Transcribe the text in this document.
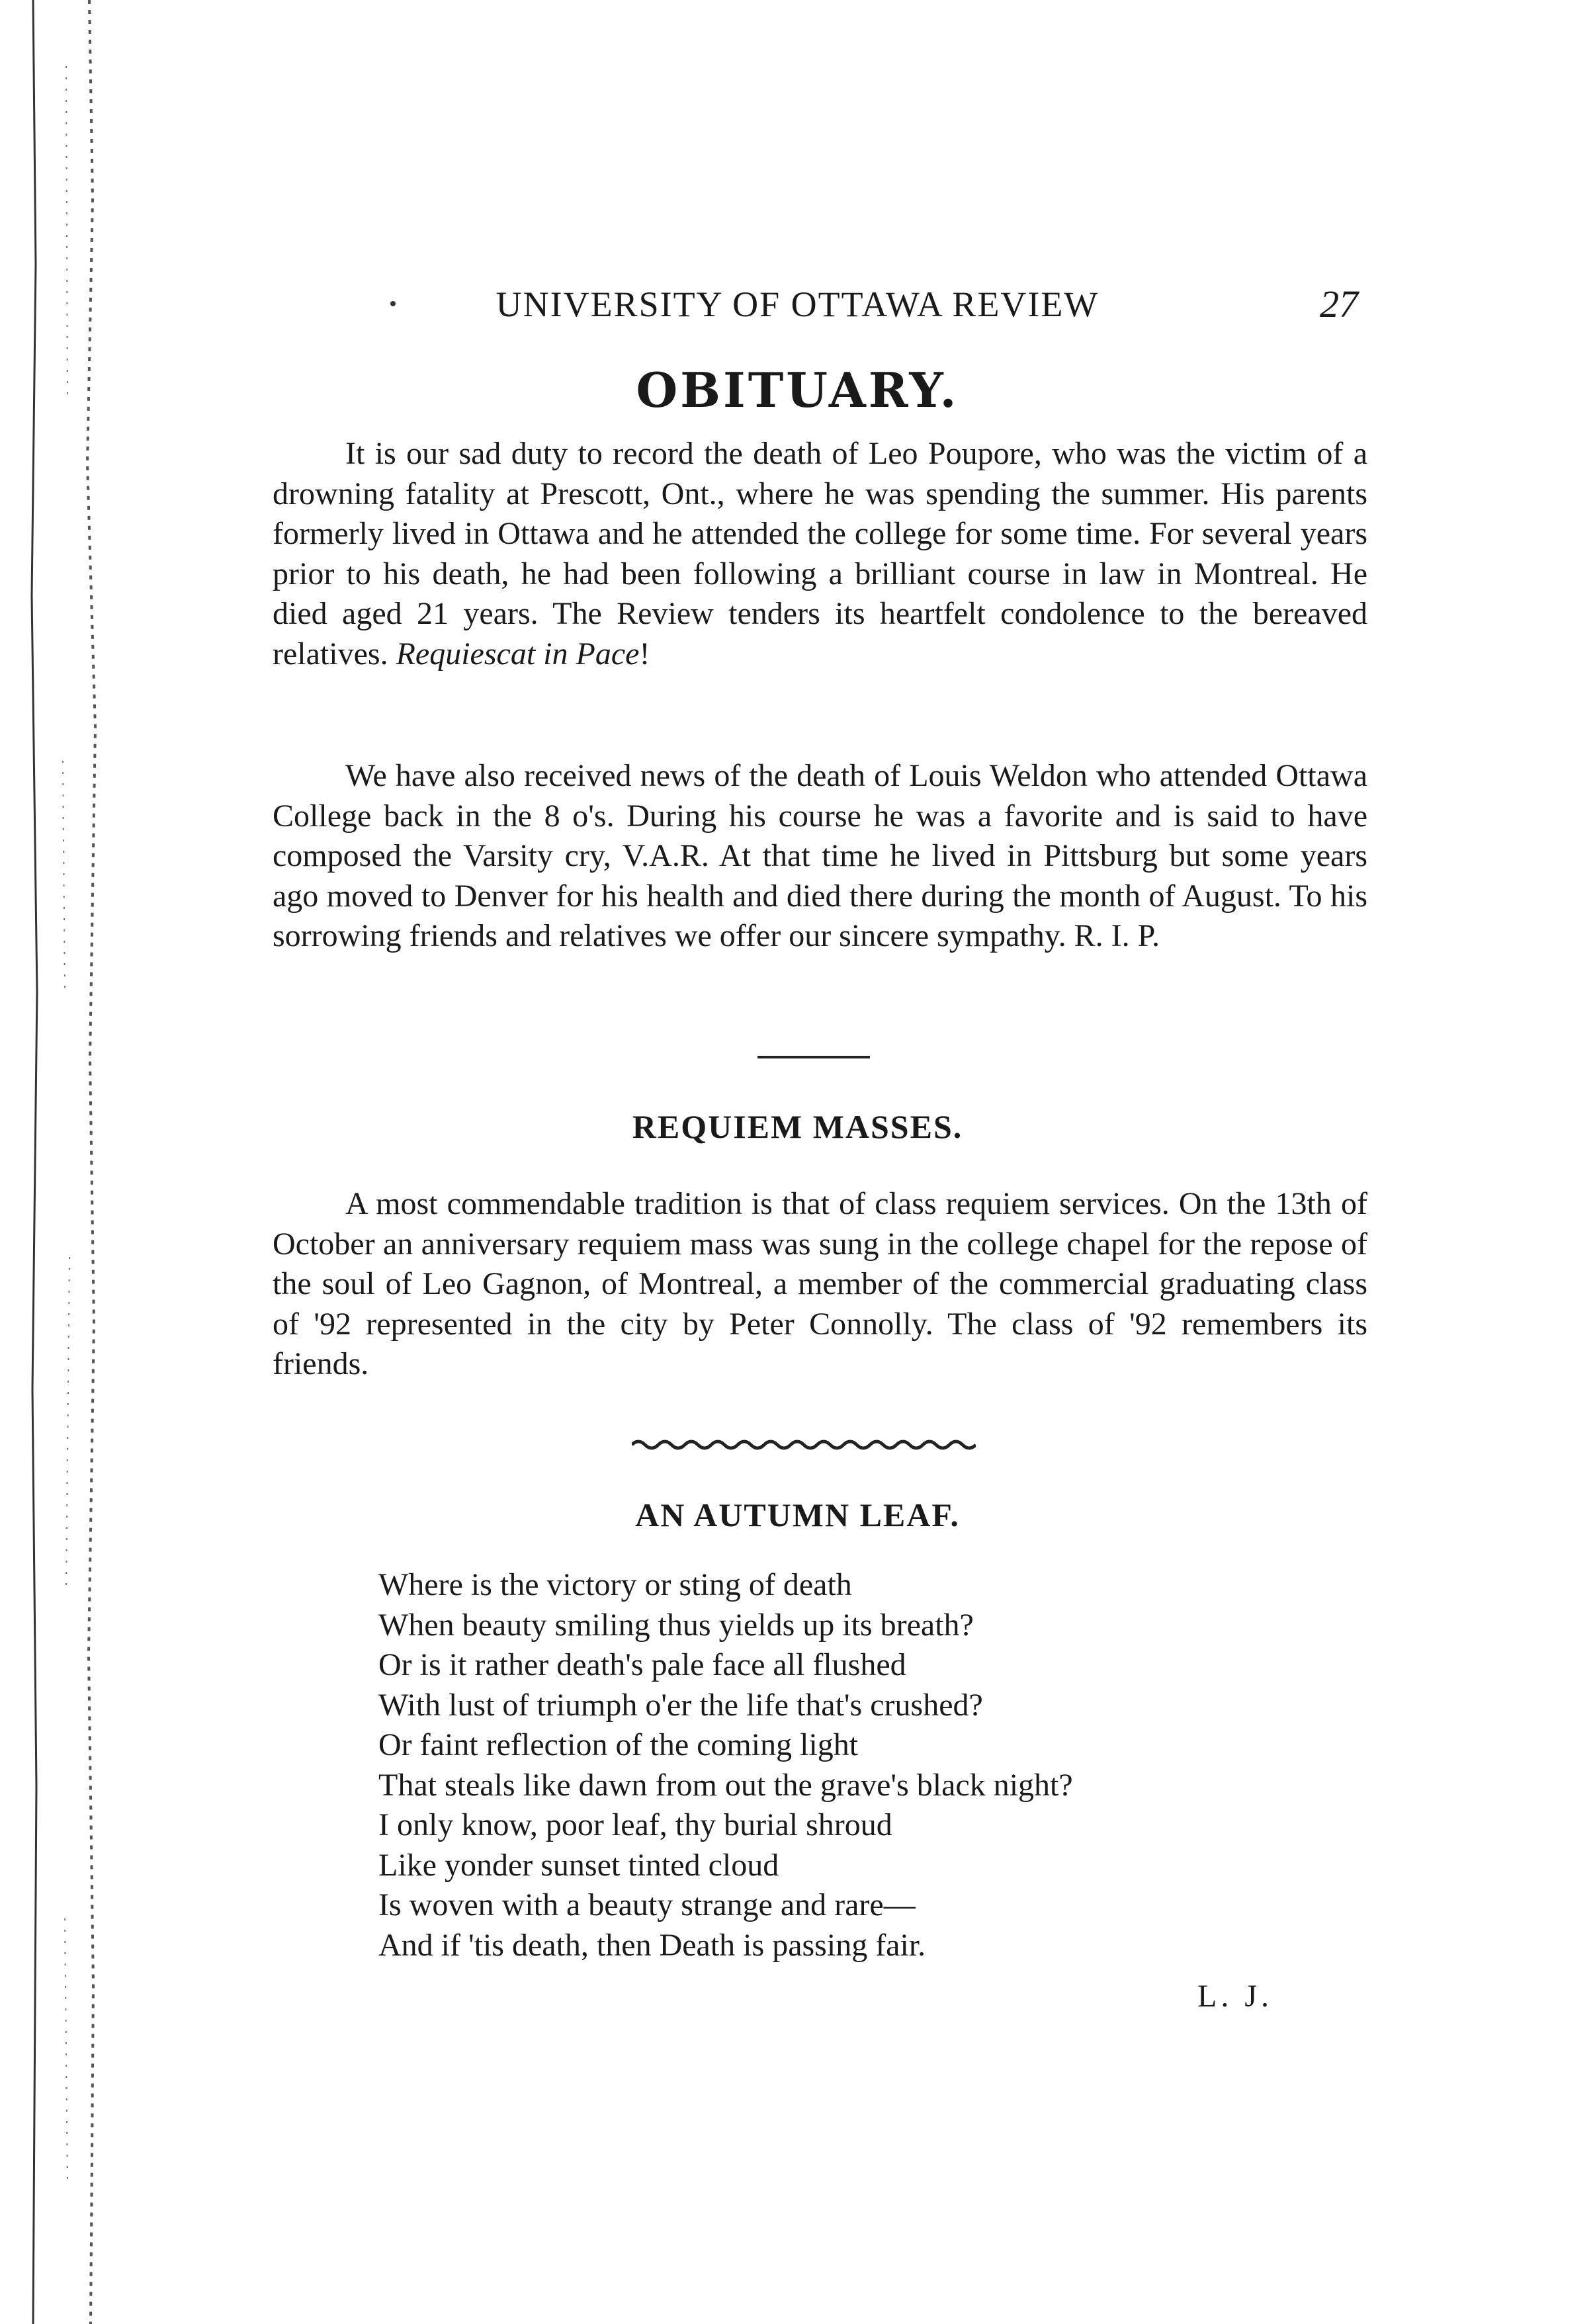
UNIVERSITY OF OTTAWA REVIEW	27
OBITUARY.

It is our sad duty to record the death of Leo Poupore, who was the victim of a drowning fatality at Prescott, Ont., where he was spending the summer. His parents formerly lived in Ottawa and he attended the college for some time. For several years prior to his death, he had been following a brilliant course in law in Montreal. He died aged 21 years. The Review tenders its heartfelt condolence to the bereaved relatives. Requiescat in Pace!

We have also received news of the death of Louis Weldon who attended Ottawa College back in the 8 o's. During his course he was a favorite and is said to have composed the Varsity cry, V.A.R. At that time he lived in Pittsburg but some years ago moved to Denver for his health and died there during the month of August. To his sorrowing friends and relatives we offer our sincere sympathy. R. I. P.

REQUIEM MASSES.

A most commendable tradition is that of class requiem services. On the 13th of October an anniversary requiem mass was sung in the college chapel for the repose of the soul of Leo Gagnon, of Montreal, a member of the commercial graduating class of '92 represented in the city by Peter Connolly. The class of '92 remembers its friends.

AN AUTUMN LEAF.
Where is the victory or sting of death
When beauty smiling thus yields up its breath?
Or is it rather death's pale face all flushed
With lust of triumph o'er the life that's crushed?
Or faint reflection of the coming light
That steals like dawn from out the grave's black night?
I only know, poor leaf, thy burial shroud
Like yonder sunset tinted cloud
Is woven with a beauty strange and rare—
And if 'tis death, then Death is passing fair.
L. J.
